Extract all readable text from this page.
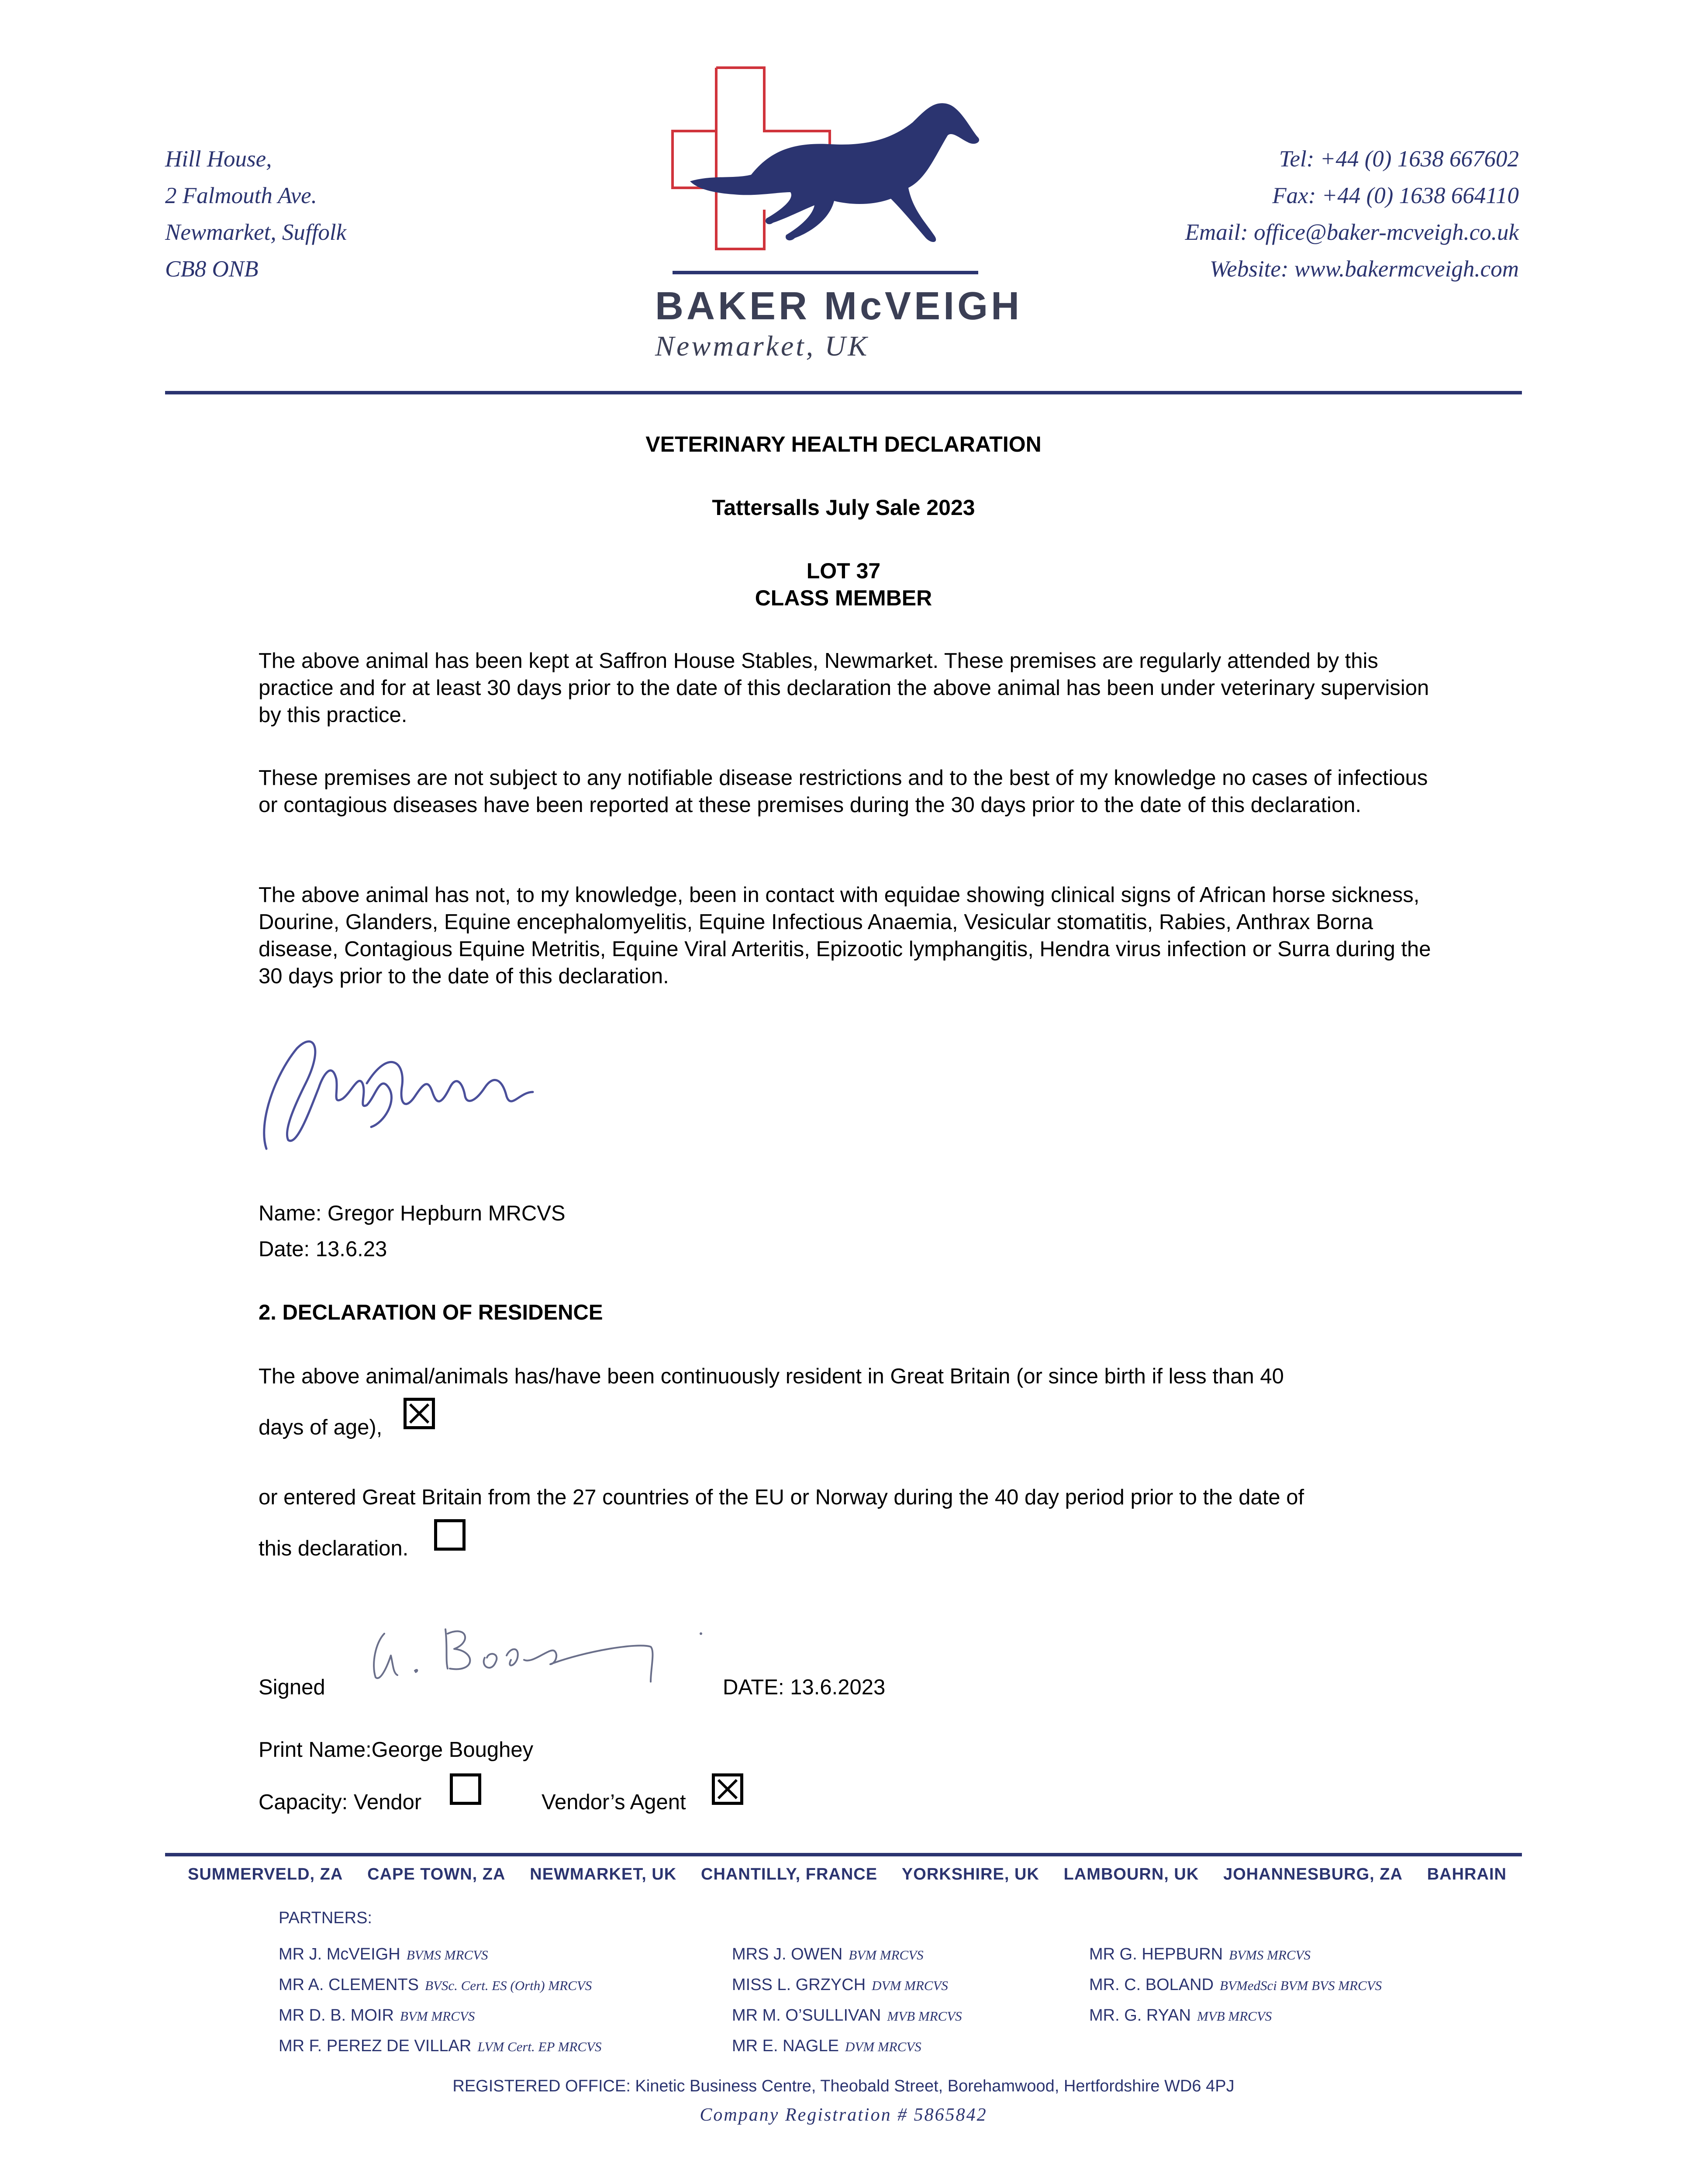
Hill House,
2 Falmouth Ave.
Newmarket, Suffolk
CB8 ONB
Tel: +44 (0) 1638 667602
Fax: +44 (0) 1638 664110
Email: office@baker-mcveigh.co.uk
Website: www.bakermcveigh.com
BAKER McVEIGH
Newmarket, UK
VETERINARY HEALTH DECLARATION
Tattersalls July Sale 2023
LOT 37
CLASS MEMBER
The above animal has been kept at Saffron House Stables, Newmarket. These premises are regularly attended by this practice and for at least 30 days prior to the date of this declaration the above animal has been under veterinary supervision by this practice.
These premises are not subject to any notifiable disease restrictions and to the best of my knowledge no cases of infectious or contagious diseases have been reported at these premises during the 30 days prior to the date of this declaration.
The above animal has not, to my knowledge, been in contact with equidae showing clinical signs of African horse sickness, Dourine, Glanders, Equine encephalomyelitis, Equine Infectious Anaemia, Vesicular stomatitis, Rabies, Anthrax Borna disease, Contagious Equine Metritis, Equine Viral Arteritis, Epizootic lymphangitis, Hendra virus infection or Surra during the 30 days prior to the date of this declaration.
Name: Gregor Hepburn MRCVS
Date: 13.6.23
2. DECLARATION OF RESIDENCE
The above animal/animals has/have been continuously resident in Great Britain (or since birth if less than 40
days of age),
or entered Great Britain from the 27 countries of the EU or Norway during the 40 day period prior to the date of
this declaration.
Signed	DATE: 13.6.2023
Print Name:George Boughey
Capacity: Vendor	Vendor’s Agent
SUMMERVELD, ZA CAPE TOWN, ZA NEWMARKET, UK CHANTILLY, FRANCE YORKSHIRE, UK LAMBOURN, UK JOHANNESBURG, ZA BAHRAIN
PARTNERS:
MR J. McVEIGH BVMS MRCVS
MR A. CLEMENTS BVSc. Cert. ES (Orth) MRCVS
MR D. B. MOIR BVM MRCVS
MR F. PEREZ DE VILLAR LVM Cert. EP MRCVS
MRS J. OWEN BVM MRCVS
MISS L. GRZYCH DVM MRCVS
MR M. O’SULLIVAN MVB MRCVS
MR E. NAGLE DVM MRCVS
MR G. HEPBURN BVMS MRCVS
MR. C. BOLAND BVMedSci BVM BVS MRCVS
MR. G. RYAN MVB MRCVS
REGISTERED OFFICE: Kinetic Business Centre, Theobald Street, Borehamwood, Hertfordshire WD6 4PJ
Company Registration # 5865842
